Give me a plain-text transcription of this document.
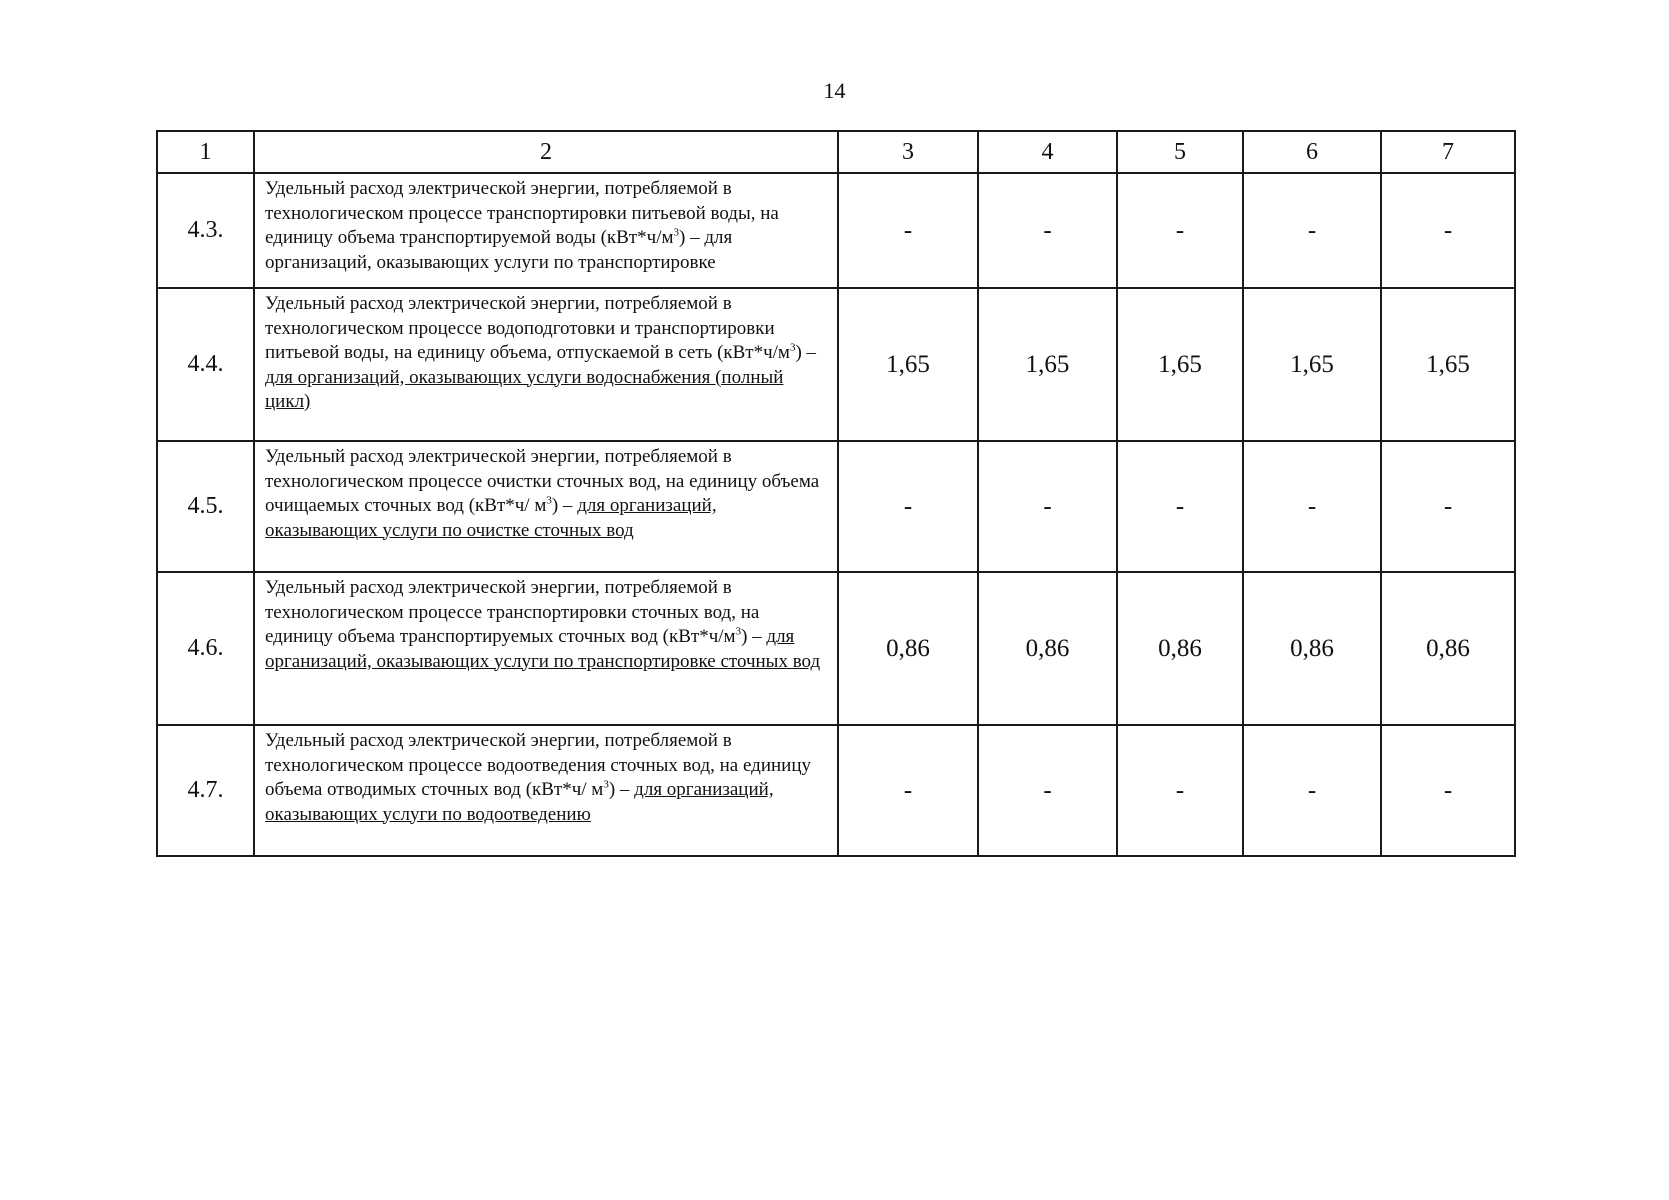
14
1	2	3	4	5	6	7
4.3.	Удельный расход электрической энергии, потребляемой в технологическом процессе транспортировки питьевой воды, на единицу объема транспортируемой воды $(кВт*ч/м^3)$ – для организаций, оказывающих услуги по транспортировке	-	-	-	-	-
4.4.	Удельный расход электрической энергии, потребляемой в технологическом процессе водоподготовки и транспортировки питьевой воды, на единицу объема, отпускаемой в сеть $(кВт*ч/м^3)$ – для организаций, оказывающих услуги водоснабжения (полный цикл)	1,65	1,65	1,65	1,65	1,65
4.5.	Удельный расход электрической энергии, потребляемой в технологическом процессе очистки сточных вод, на единицу объема очищаемых сточных вод (кВт*ч/ $м^3$) – для организаций, оказывающих услуги по очистке сточных вод	-	-	-	-	-
4.6.	Удельный расход электрической энергии, потребляемой в технологическом процессе транспортировки сточных вод, на единицу объема транспортируемых сточных вод $(кВт*ч/м^3)$ – для организаций, оказывающих услуги по транспортировке сточных вод	0,86	0,86	0,86	0,86	0,86
4.7.	Удельный расход электрической энергии, потребляемой в технологическом процессе водоотведения сточных вод, на единицу объема отводимых сточных вод (кВт*ч/ $м^3$) – для организаций, оказывающих услуги по водоотведению	-	-	-	-	-
